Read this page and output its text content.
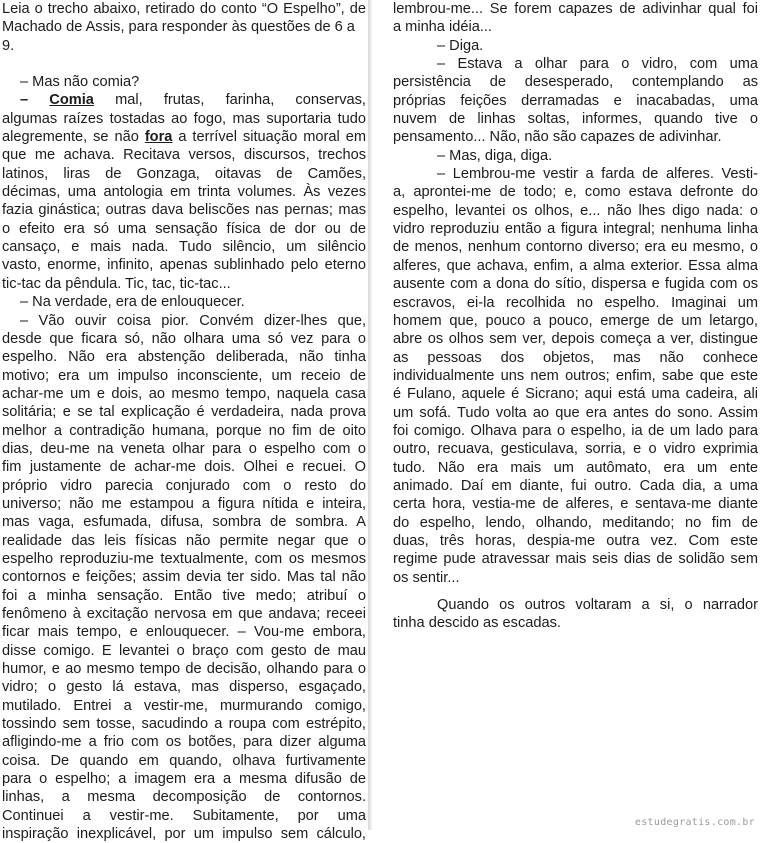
Leia o trecho abaixo, retirado do conto “O Espelho”, de
Machado de Assis, para responder às questões de 6 a
9.
– Mas não comia?
– Comia mal, frutas, farinha, conservas,
algumas raízes tostadas ao fogo, mas suportaria tudo
alegremente, se não fora a terrível situação moral em
que me achava. Recitava versos, discursos, trechos
latinos, liras de Gonzaga, oitavas de Camões,
décimas, uma antologia em trinta volumes. Às vezes
fazia ginástica; outras dava beliscões nas pernas; mas
o efeito era só uma sensação física de dor ou de
cansaço, e mais nada. Tudo silêncio, um silêncio
vasto, enorme, infinito, apenas sublinhado pelo eterno
tic-tac da pêndula. Tic, tac, tic-tac...
– Na verdade, era de enlouquecer.
– Vão ouvir coisa pior. Convém dizer-lhes que,
desde que ficara só, não olhara uma só vez para o
espelho. Não era abstenção deliberada, não tinha
motivo; era um impulso inconsciente, um receio de
achar-me um e dois, ao mesmo tempo, naquela casa
solitária; e se tal explicação é verdadeira, nada prova
melhor a contradição humana, porque no fim de oito
dias, deu-me na veneta olhar para o espelho com o
fim justamente de achar-me dois. Olhei e recuei. O
próprio vidro parecia conjurado com o resto do
universo; não me estampou a figura nítida e inteira,
mas vaga, esfumada, difusa, sombra de sombra. A
realidade das leis físicas não permite negar que o
espelho reproduziu-me textualmente, com os mesmos
contornos e feições; assim devia ter sido. Mas tal não
foi a minha sensação. Então tive medo; atribuí o
fenômeno à excitação nervosa em que andava; receei
ficar mais tempo, e enlouquecer. – Vou-me embora,
disse comigo. E levantei o braço com gesto de mau
humor, e ao mesmo tempo de decisão, olhando para o
vidro; o gesto lá estava, mas disperso, esgaçado,
mutilado. Entrei a vestir-me, murmurando comigo,
tossindo sem tosse, sacudindo a roupa com estrépito,
afligindo-me a frio com os botões, para dizer alguma
coisa. De quando em quando, olhava furtivamente
para o espelho; a imagem era a mesma difusão de
linhas, a mesma decomposição de contornos.
Continuei a vestir-me. Subitamente, por uma
inspiração inexplicável, por um impulso sem cálculo,
lembrou-me... Se forem capazes de adivinhar qual foi
a minha idéia...
– Diga.
– Estava a olhar para o vidro, com uma
persistência de desesperado, contemplando as
próprias feições derramadas e inacabadas, uma
nuvem de linhas soltas, informes, quando tive o
pensamento... Não, não são capazes de adivinhar.
– Mas, diga, diga.
– Lembrou-me vestir a farda de alferes. Vesti-
a, aprontei-me de todo; e, como estava defronte do
espelho, levantei os olhos, e... não lhes digo nada: o
vidro reproduziu então a figura integral; nenhuma linha
de menos, nenhum contorno diverso; era eu mesmo, o
alferes, que achava, enfim, a alma exterior. Essa alma
ausente com a dona do sítio, dispersa e fugida com os
escravos, ei-la recolhida no espelho. Imaginai um
homem que, pouco a pouco, emerge de um letargo,
abre os olhos sem ver, depois começa a ver, distingue
as pessoas dos objetos, mas não conhece
individualmente uns nem outros; enfim, sabe que este
é Fulano, aquele é Sicrano; aqui está uma cadeira, ali
um sofá. Tudo volta ao que era antes do sono. Assim
foi comigo. Olhava para o espelho, ia de um lado para
outro, recuava, gesticulava, sorria, e o vidro exprimia
tudo. Não era mais um autômato, era um ente
animado. Daí em diante, fui outro. Cada dia, a uma
certa hora, vestia-me de alferes, e sentava-me diante
do espelho, lendo, olhando, meditando; no fim de
duas, três horas, despia-me outra vez. Com este
regime pude atravessar mais seis dias de solidão sem
os sentir...
Quando os outros voltaram a si, o narrador
tinha descido as escadas.
estudegratis.com.br
